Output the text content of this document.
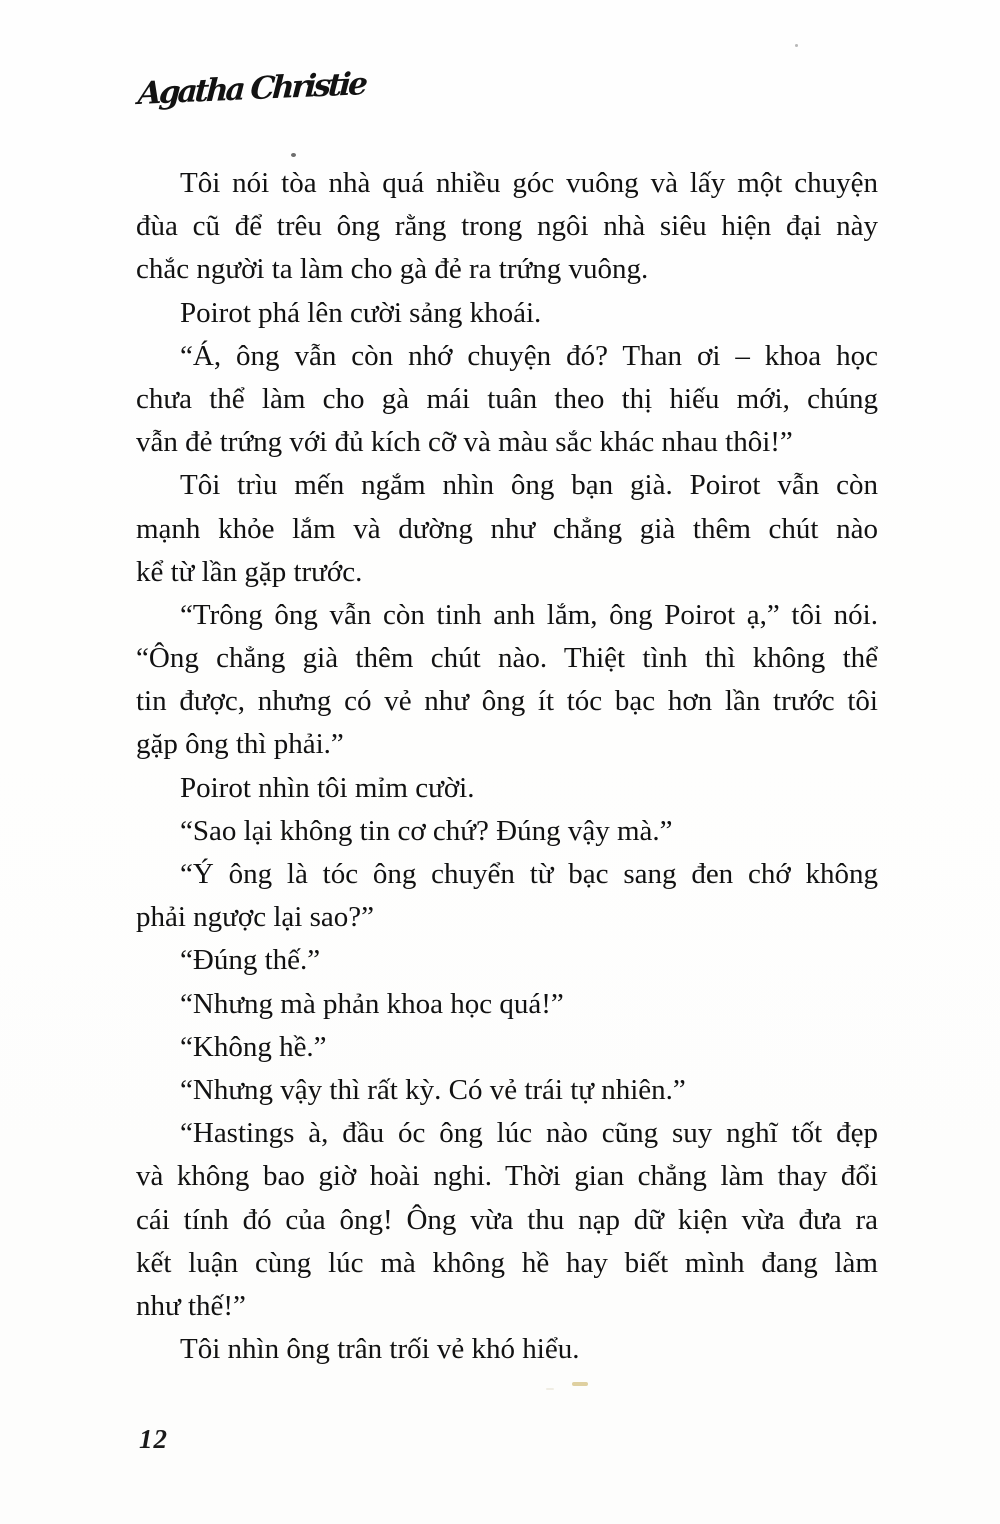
Agatha Christie
Tôi nói tòa nhà quá nhiều góc vuông và lấy một chuyện
đùa cũ để trêu ông rằng trong ngôi nhà siêu hiện đại này
chắc người ta làm cho gà đẻ ra trứng vuông.
Poirot phá lên cười sảng khoái.
“Á, ông vẫn còn nhớ chuyện đó? Than ơi – khoa học
chưa thể làm cho gà mái tuân theo thị hiếu mới, chúng
vẫn đẻ trứng với đủ kích cỡ và màu sắc khác nhau thôi!”
Tôi trìu mến ngắm nhìn ông bạn già. Poirot vẫn còn
mạnh khỏe lắm và dường như chẳng già thêm chút nào
kể từ lần gặp trước.
“Trông ông vẫn còn tinh anh lắm, ông Poirot ạ,” tôi nói.
“Ông chẳng già thêm chút nào. Thiệt tình thì không thể
tin được, nhưng có vẻ như ông ít tóc bạc hơn lần trước tôi
gặp ông thì phải.”
Poirot nhìn tôi mỉm cười.
“Sao lại không tin cơ chứ? Đúng vậy mà.”
“Ý ông là tóc ông chuyển từ bạc sang đen chớ không
phải ngược lại sao?”
“Đúng thế.”
“Nhưng mà phản khoa học quá!”
“Không hề.”
“Nhưng vậy thì rất kỳ. Có vẻ trái tự nhiên.”
“Hastings à, đầu óc ông lúc nào cũng suy nghĩ tốt đẹp
và không bao giờ hoài nghi. Thời gian chẳng làm thay đổi
cái tính đó của ông! Ông vừa thu nạp dữ kiện vừa đưa ra
kết luận cùng lúc mà không hề hay biết mình đang làm
như thế!”
Tôi nhìn ông trân trối vẻ khó hiểu.
12
